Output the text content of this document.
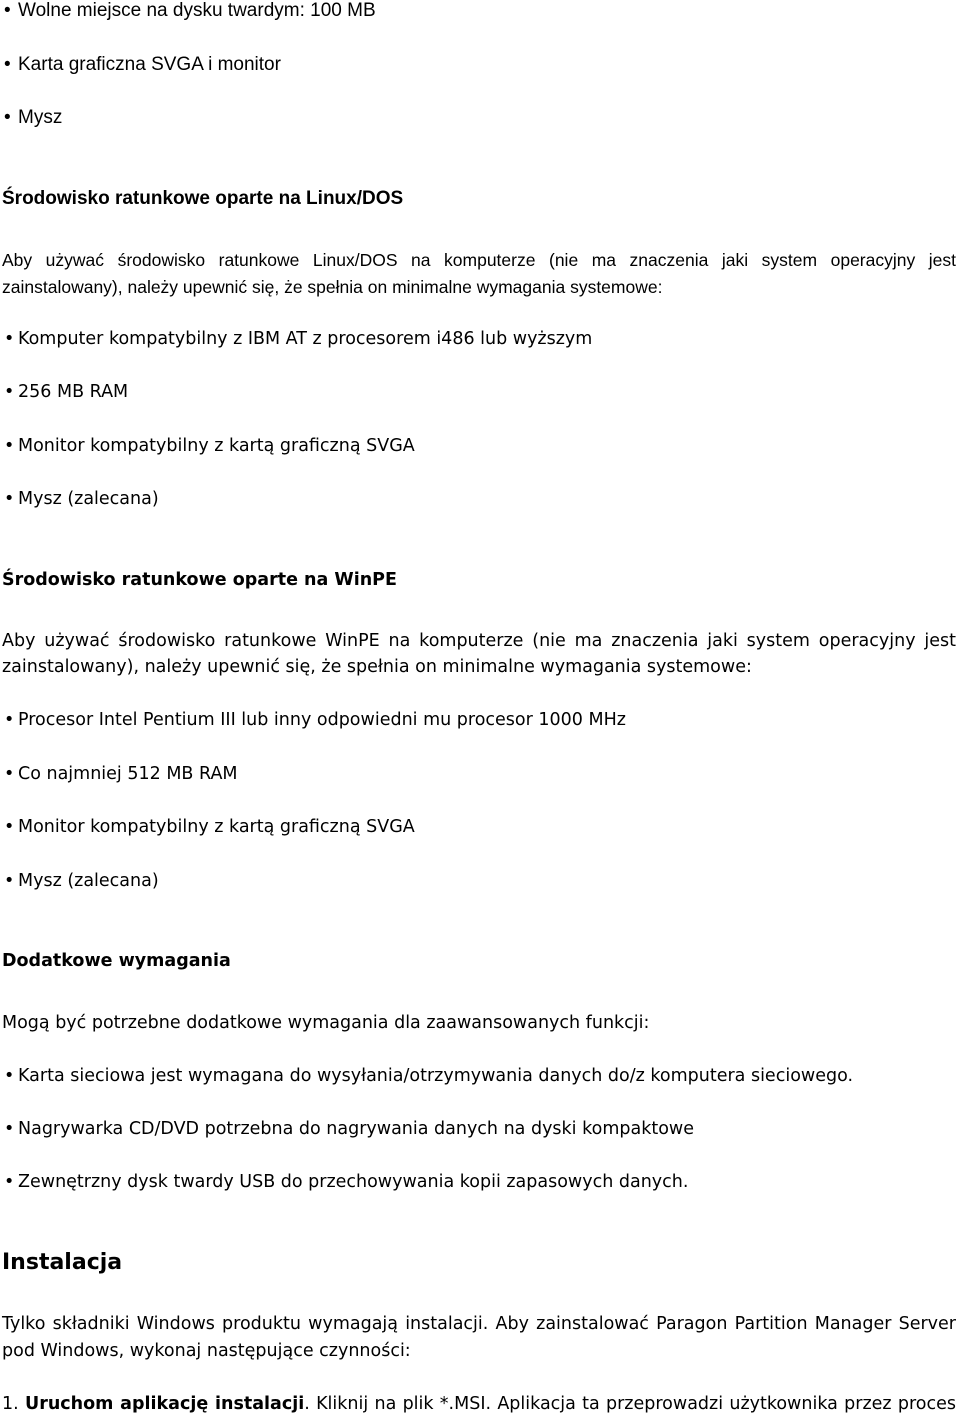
• Wolne miejsce na dysku twardym: 100 MB
• Karta graficzna SVGA i monitor
• Mysz
Środowisko ratunkowe oparte na Linux/DOS
Aby używać środowisko ratunkowe Linux/DOS na komputerze (nie ma znaczenia jaki system operacyjny jest
zainstalowany), należy upewnić się, że spełnia on minimalne wymagania systemowe:
• Komputer kompatybilny z IBM AT z procesorem i486 lub wyższym
• 256 MB RAM
• Monitor kompatybilny z kartą graficzną SVGA
• Mysz (zalecana)
Środowisko ratunkowe oparte na WinPE
Aby używać środowisko ratunkowe WinPE na komputerze (nie ma znaczenia jaki system operacyjny jest
zainstalowany), należy upewnić się, że spełnia on minimalne wymagania systemowe:
• Procesor Intel Pentium III lub inny odpowiedni mu procesor 1000 MHz
• Co najmniej 512 MB RAM
• Monitor kompatybilny z kartą graficzną SVGA
• Mysz (zalecana)
Dodatkowe wymagania
Mogą być potrzebne dodatkowe wymagania dla zaawansowanych funkcji:
• Karta sieciowa jest wymagana do wysyłania/otrzymywania danych do/z komputera sieciowego.
• Nagrywarka CD/DVD potrzebna do nagrywania danych na dyski kompaktowe
• Zewnętrzny dysk twardy USB do przechowywania kopii zapasowych danych.
Instalacja
Tylko składniki Windows produktu wymagają instalacji. Aby zainstalować Paragon Partition Manager Server
pod Windows, wykonaj następujące czynności:
1. Uruchom aplikację instalacji. Kliknij na plik *.MSI. Aplikacja ta przeprowadzi użytkownika przez proces
